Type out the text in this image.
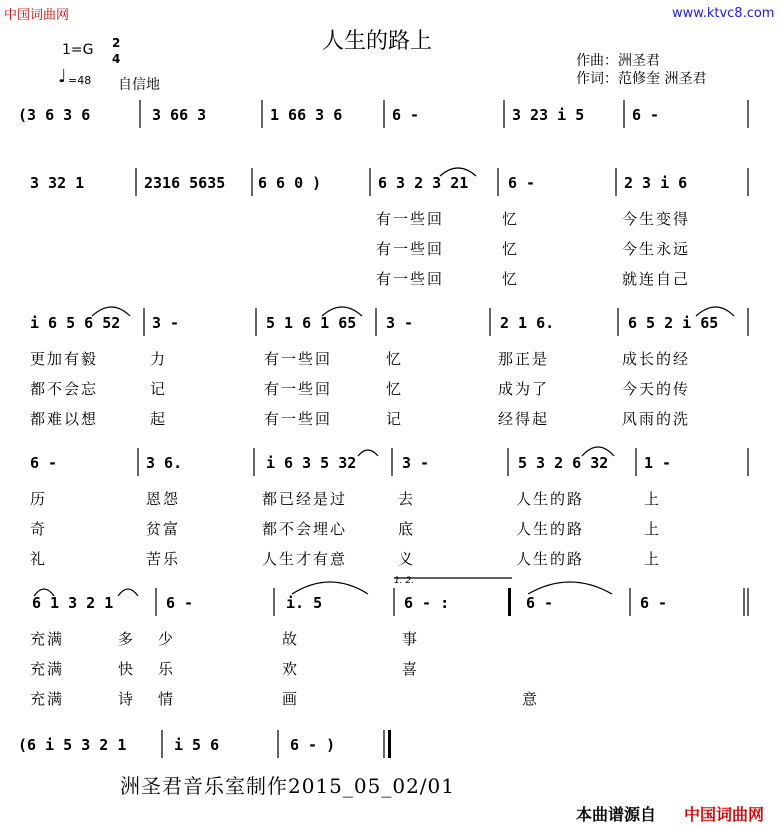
中国词曲网	www.ktvc8.com
人生的路上
1=G 2
4
♩ =48 自信地
作曲：洲圣君
作词：范修奎 洲圣君
(3 6 3 6	3 66 3	1 66 3 6	6 -	3 23 i 5	6 -
3 32 1	2316 5635 6 6 0 )	6 3 2 3 21	6 -	2 3 i 6
有一些回	忆	今生变得
有一些回	忆	今生永远
有一些回	忆	就连自己
i 6 5 6 52 3 -	5 1 6 1 65 3 -	2 1 6.	6 5 2 i 65
更加有毅	力	有一些回	忆	那正是	成长的经
都不会忘	记	有一些回	忆	成为了	今天的传
都难以想	起	有一些回	记	经得起	风雨的洗
6 -	3 6.	i 6 3 5 32	3 -	5 3 2 6 32 1 -
历	恩怨	都已经是过	去	人生的路	上
奇	贫富	都不会埋心	底	人生的路	上
礼	苦乐	人生才有意	义	人生的路	上
6 1 3 2 1	6 -	i. 5	6 - :	6 -	6 -
1. 2.
充满	多 少	故	事
充满	快 乐	欢	喜
充满	诗 情	画	意
(6 i 5 3 2 1	i 5 6	6 - )
洲圣君音乐室制作2015_05_02/01
本曲谱源自 中国词曲网
